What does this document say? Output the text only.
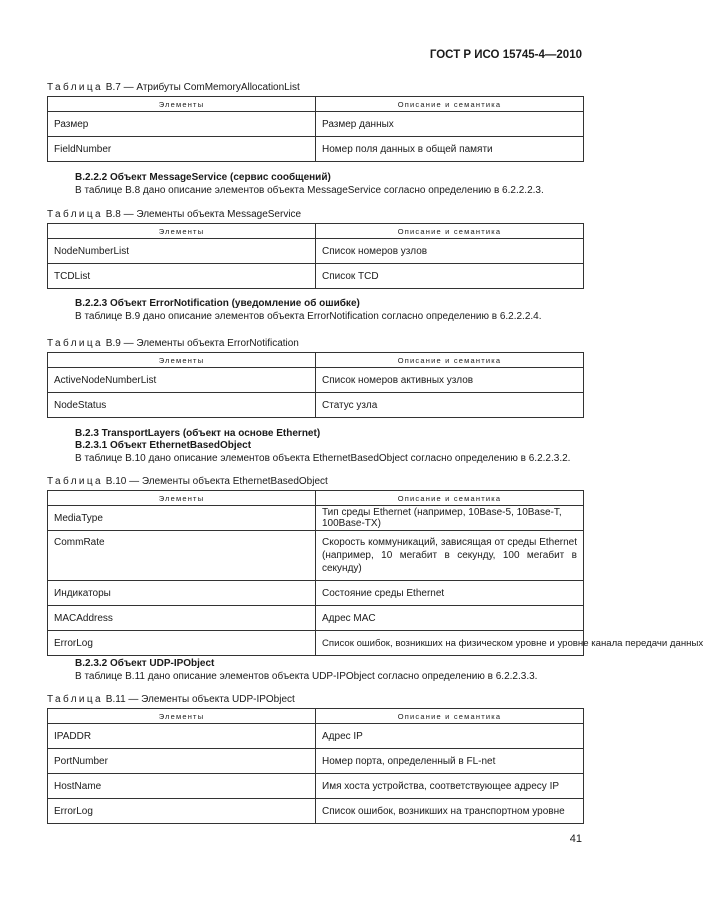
ГОСТ Р ИСО 15745-4—2010
Таблица B.7 — Атрибуты ComMemoryAllocationList
Элементы	Описание и семантика
Размер	Размер данных
FieldNumber	Номер поля данных в общей памяти
B.2.2.2 Объект MessageService (сервис сообщений)
В таблице В.8 дано описание элементов объекта MessageService согласно определению в 6.2.2.2.3.
Таблица B.8 — Элементы объекта MessageService
Элементы	Описание и семантика
NodeNumberList	Список номеров узлов
TCDList	Список TCD
B.2.2.3 Объект ErrorNotification (уведомление об ошибке)
В таблице В.9 дано описание элементов объекта ErrorNotification согласно определению в 6.2.2.2.4.
Таблица B.9 — Элементы объекта ErrorNotification
Элементы	Описание и семантика
ActiveNodeNumberList	Список номеров активных узлов
NodeStatus	Статус узла
B.2.3 TransportLayers (объект на основе Ethernet)
B.2.3.1 Объект EthernetBasedObject
В таблице В.10 дано описание элементов объекта EthernetBasedObject согласно определению в 6.2.2.3.2.
Таблица B.10 — Элементы объекта EthernetBasedObject
Элементы	Описание и семантика
MediaType	Тип среды Ethernet (например, 10Base-5, 10Base-T, 100Base-TX)
CommRate	Скорость коммуникаций, зависящая от среды Ethernet (например, 10 мегабит в секунду, 100 мегабит в секунду)
Индикаторы	Состояние среды Ethernet
MACAddress	Адрес MAC
ErrorLog	Список ошибок, возникших на физическом уровне и уровне канала передачи данных
B.2.3.2 Объект UDP-IPObject
В таблице В.11 дано описание элементов объекта UDP-IPObject согласно определению в 6.2.2.3.3.
Таблица B.11 — Элементы объекта UDP-IPObject
Элементы	Описание и семантика
IPADDR	Адрес IP
PortNumber	Номер порта, определенный в FL-net
HostName	Имя хоста устройства, соответствующее адресу IP
ErrorLog	Список ошибок, возникших на транспортном уровне
41
